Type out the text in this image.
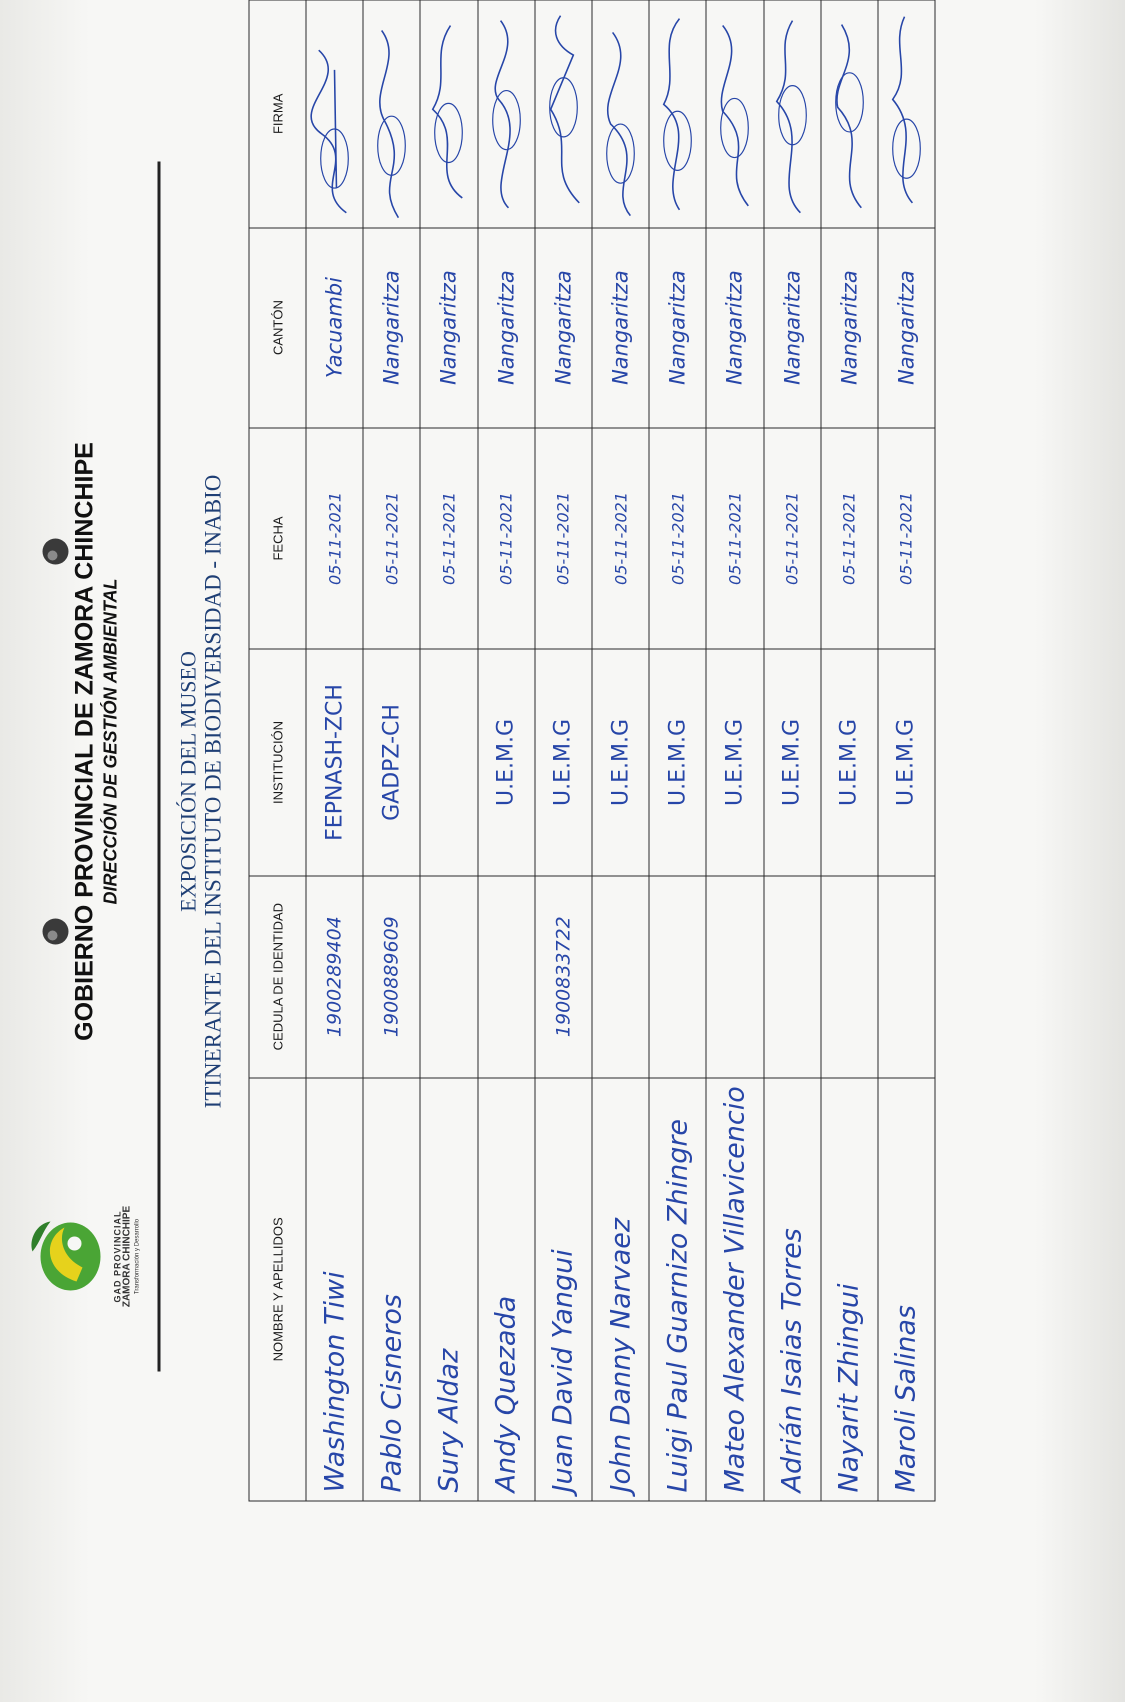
GAD PROVINCIAL ZAMORA CHINCHIPE Transformación y Desarrollo
GOBIERNO PROVINCIAL DE ZAMORA CHINCHIPE DIRECCIÓN DE GESTIÓN AMBIENTAL	EXPOSICIÓN DEL MUSEO ITINERANTE DEL INSTITUTO DE BIODIVERSIDAD - INABIO
NOMBRE Y APELLIDOS	CEDULA DE IDENTIDAD	INSTITUCIÓN	FECHA	CANTÓN	FIRMA
Washington Tiwi	1900289404	FEPNASH-ZCH	05-11-2021	Yacuambi	

Pablo Cisneros	1900889609	GADPZ-CH	05-11-2021	Nangaritza	

Sury Aldaz			05-11-2021	Nangaritza	

Andy Quezada		U.E.M.G	05-11-2021	Nangaritza	

Juan David Yangui	1900833722	U.E.M.G	05-11-2021	Nangaritza	

John Danny Narvaez		U.E.M.G	05-11-2021	Nangaritza	

Luigi Paul Guarnizo Zhingre		U.E.M.G	05-11-2021	Nangaritza	

Mateo Alexander Villavicencio		U.E.M.G	05-11-2021	Nangaritza	

Adrián Isaias Torres		U.E.M.G	05-11-2021	Nangaritza	

Nayarit Zhingui		U.E.M.G	05-11-2021	Nangaritza	

Maroli Salinas		U.E.M.G	05-11-2021	Nangaritza	
